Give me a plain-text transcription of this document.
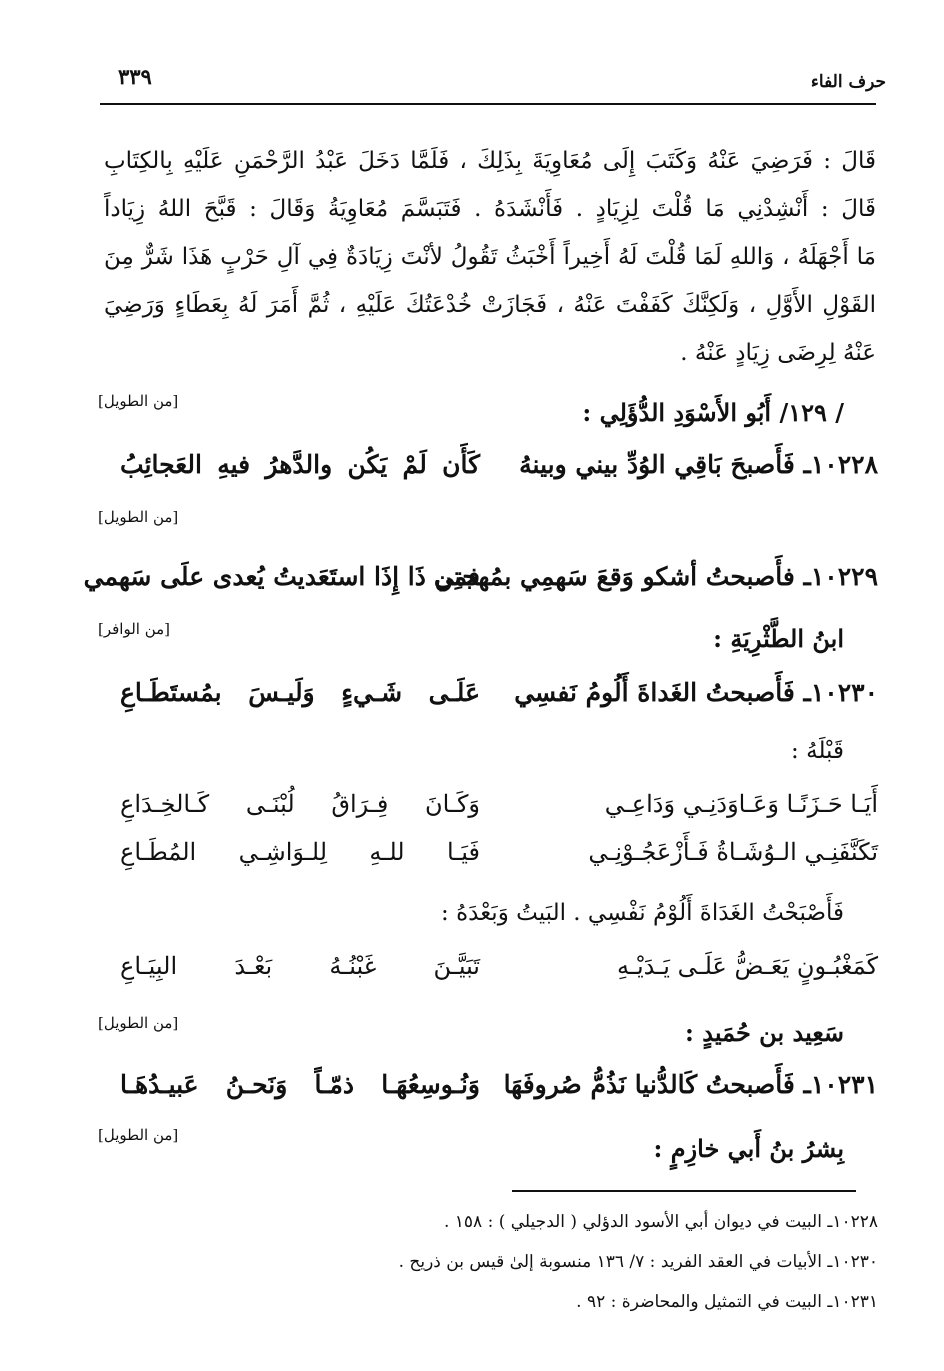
حرف الفاء
٣٣٩
قَالَ : فَرَضِيَ عَنْهُ وَكَتَبَ إِلَى مُعَاوِيَةَ بِذَلِكَ ، فَلَمَّا دَخَلَ عَبْدُ الرَّحْمَنِ عَلَيْهِ بِالكِتَابِ
قَالَ : أَنْشِدْنِي مَا قُلْتَ لِزِيَادٍ . فَأَنْشَدَهُ . فَتَبَسَّمَ مُعَاوِيَةُ وَقَالَ : قَبَّحَ اللهُ زِيَاداً
مَا أَجْهَلَهُ ، وَاللهِ لَمَا قُلْتَ لَهُ أَخِيراً أَخْبَثُ تَقُولُ لأنْتَ زِيَادَةٌ فِي آلِ حَرْبٍ هَذَا شَرٌّ مِنَ
القَوْلِ الأَوَّلِ ، وَلَكِنَّكَ كَفَفْتَ عَنْهُ ، فَجَازَتْ خُدْعَتُكَ عَلَيْهِ ، ثُمَّ أَمَرَ لَهُ بِعَطَاءٍ وَرَضِيَ
عَنْهُ لِرِضَى زِيَادٍ عَنْهُ .
/ ١٢٩/ أَبُو الأَسْوَدِ الدُّؤَلِي :
[من الطويل]
١٠٢٢٨ـ فَأَصبحَ بَاقِي الوُدِّ بيني وبينهُ
كَأَن لَمْ يَكُن والدَّهرُ فيهِ العَجائِبُ
[من الطويل]
١٠٢٢٩ـ فأَصبحتُ أشكو وَقعَ سَهمِي بمُهجتِي
فمن ذَا إِذَا استَعَديتُ يُعدى علَى سَهمي
ابنُ الطَّثْرِيَةِ :
[من الوافر]
١٠٢٣٠ـ فَأَصبحتُ الغَداةَ أَلُومُ نَفسِي
عَلَـى شَـيءٍ وَلَيـسَ بمُستَطَـاعِ
قَبْلَهُ :
أَيَـا حَـزَنًـا وَعَـاوَدَنِـي وَدَاعِـي
وَكَـانَ فِـرَاقُ لُبْنَـى كَـالخِـدَاعِ
تَكَنَّفَنِـي الـوُشَـاةُ فَـأَزْعَجُـوْنِـي
فَيَـا للـهِ لِلـوَاشِـي المُطَـاعِ
فَأَصْبَحْتُ الغَدَاةَ أَلُوْمُ نَفْسِي . البَيتُ وَبَعْدَهُ :
كَمَغْبُـونٍ يَعَـضُّ عَلَـى يَـدَيْـهِ
تَبَيَّـنَ غَبْنُـهُ بَعْـدَ البِيَـاعِ
سَعِيد بن حُمَيدٍ :
[من الطويل]
١٠٢٣١ـ فَأَصبحتُ كَالدُّنيا نَذُمُّ صُروفَهَا
وَنُـوسِعُهَـا ذمّـاً وَنَحـنُ عَبيـدُهَـا
بِشرُ بنُ أَبي خازِمٍ :
[من الطويل]
١٠٢٢٨ـ البيت في ديوان أبي الأسود الدؤلي ( الدجيلي ) : ١٥٨ .
١٠٢٣٠ـ الأبيات في العقد الفريد : ٧/ ١٣٦ منسوبة إلىٰ قيس بن ذريح .
١٠٢٣١ـ البيت في التمثيل والمحاضرة : ٩٢ .
